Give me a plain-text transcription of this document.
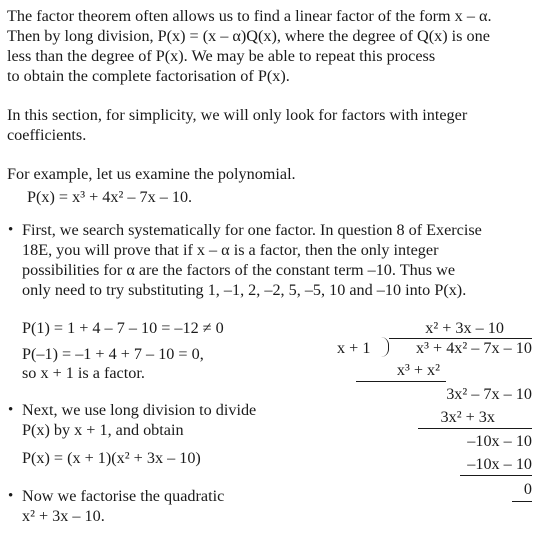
The factor theorem often allows us to find a linear factor of the form x – α.

Then by long division, P(x) = (x – α)Q(x), where the degree of Q(x) is one

less than the degree of P(x). We may be able to repeat this process

to obtain the complete factorisation of P(x).

In this section, for simplicity, we will only look for factors with integer

coefficients.

For example, let us examine the polynomial.

P(x) = x³ + 4x² – 7x – 10.
• First, we search systematically for one factor. In question 8 of Exercise

18E, you will prove that if x – α is a factor, then the only integer

possibilities for α are the factors of the constant term –10. Thus we

only need to try substituting 1, –1, 2, –2, 5, –5, 10 and –10 into P(x).

P(1) = 1 + 4 – 7 – 10 = –12 ≠ 0
P(–1) = –1 + 4 + 7 – 10 = 0,
so x + 1 is a factor.
• Next, we use long division to divide

P(x) by x + 1, and obtain

P(x) = (x + 1)(x² + 3x – 10)
• Now we factorise the quadratic

x² + 3x – 10.

x² + 3x – 10
x + 1	x³ + 4x² – 7x – 10
x³ + x²
3x² – 7x – 10
3x² + 3x
–10x – 10
–10x – 10
0
